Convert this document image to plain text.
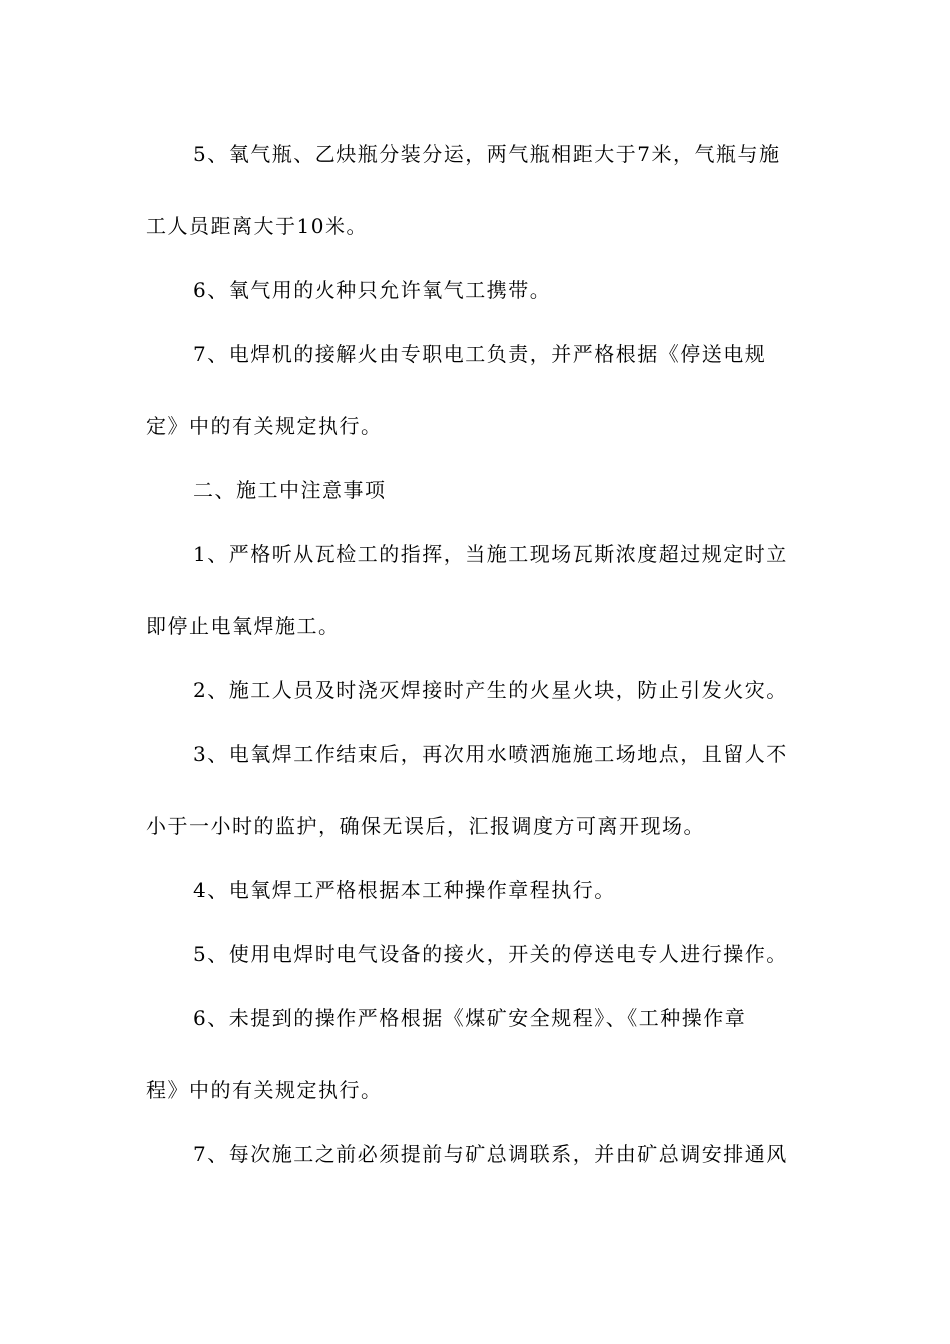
5、氧气瓶、乙炔瓶分装分运，两气瓶相距大于7米，气瓶与施
工人员距离大于10米。
6、氧气用的火种只允许氧气工携带。
7、电焊机的接解火由专职电工负责，并严格根据《停送电规
定》中的有关规定执行。
二、施工中注意事项
1、严格听从瓦检工的指挥，当施工现场瓦斯浓度超过规定时立
即停止电氧焊施工。
2、施工人员及时浇灭焊接时产生的火星火块，防止引发火灾。
3、电氧焊工作结束后，再次用水喷洒施施工场地点，且留人不
小于一小时的监护，确保无误后，汇报调度方可离开现场。
4、电氧焊工严格根据本工种操作章程执行。
5、使用电焊时电气设备的接火，开关的停送电专人进行操作。
6、未提到的操作严格根据《煤矿安全规程》、《工种操作章
程》中的有关规定执行。
7、每次施工之前必须提前与矿总调联系，并由矿总调安排通风
